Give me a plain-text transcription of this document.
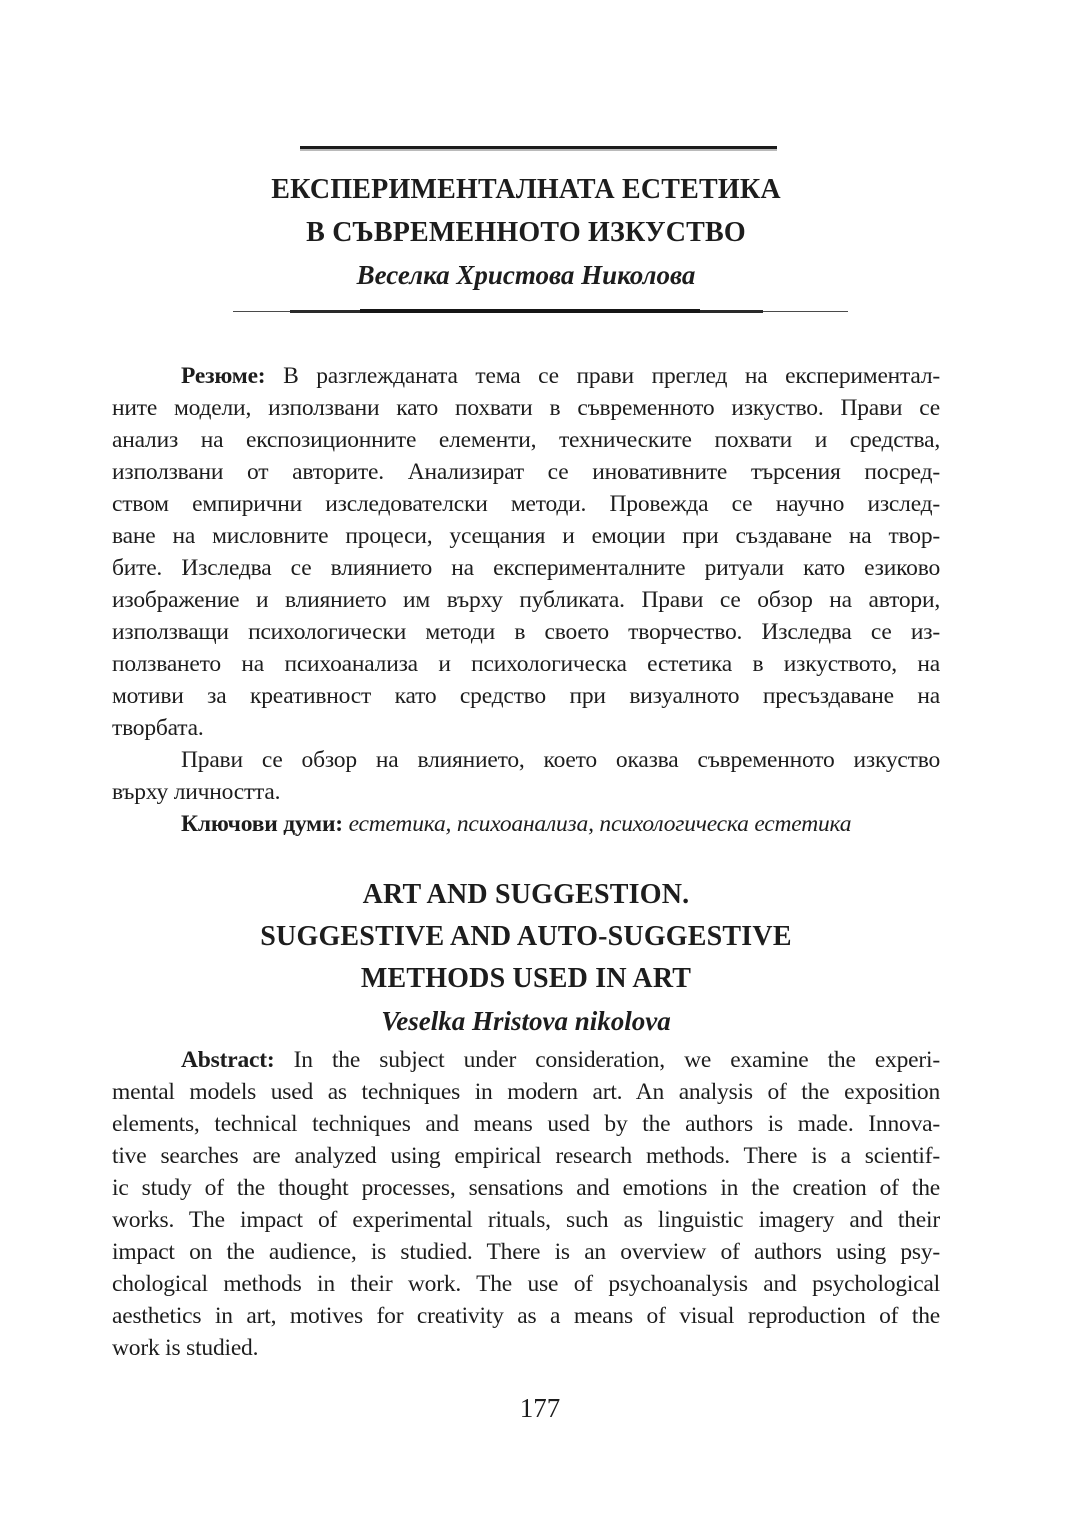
ЕКСПЕРИМЕНТАЛНАТА ЕСТЕТИКА
В СЪВРЕМЕННОТО ИЗКУСТВО
Веселка Христова Николова
Резюме: В разглежданата тема се прави преглед на експериментал-
ните модели, използвани като похвати в съвременното изкуство. Прави се
анализ на експозиционните елементи, техническите похвати и средства,
използвани от авторите. Анализират се иновативните търсения посред-
ством емпирични изследователски методи. Провежда се научно изслед-
ване на мисловните процеси, усещания и емоции при създаване на твор-
бите. Изследва се влиянието на експерименталните ритуали като езиково
изображение и влиянието им върху публиката. Прави се обзор на автори,
използващи психологически методи в своето творчество. Изследва се из-
ползването на психоанализа и психологическа естетика в изкуството, на
мотиви за креативност като средство при визуалното пресъздаване на
творбата.
Прави се обзор на влиянието, което оказва съвременното изкуство
върху личността.
Ключови думи: естетика, психоанализа, психологическа естетика
ART AND SUGGESTION.
SUGGESTIVE AND AUTO-SUGGESTIVE
METHODS USED IN ART
Veselka Hristova nikolova
Abstract: In the subject under consideration, we examine the experi-
mental models used as techniques in modern art. An analysis of the exposition
elements, technical techniques and means used by the authors is made. Innova-
tive searches are analyzed using empirical research methods. There is a scientif-
ic study of the thought processes, sensations and emotions in the creation of the
works. The impact of experimental rituals, such as linguistic imagery and their
impact on the audience, is studied. There is an overview of authors using psy-
chological methods in their work. The use of psychoanalysis and psychological
aesthetics in art, motives for creativity as a means of visual reproduction of the
work is studied.
177
